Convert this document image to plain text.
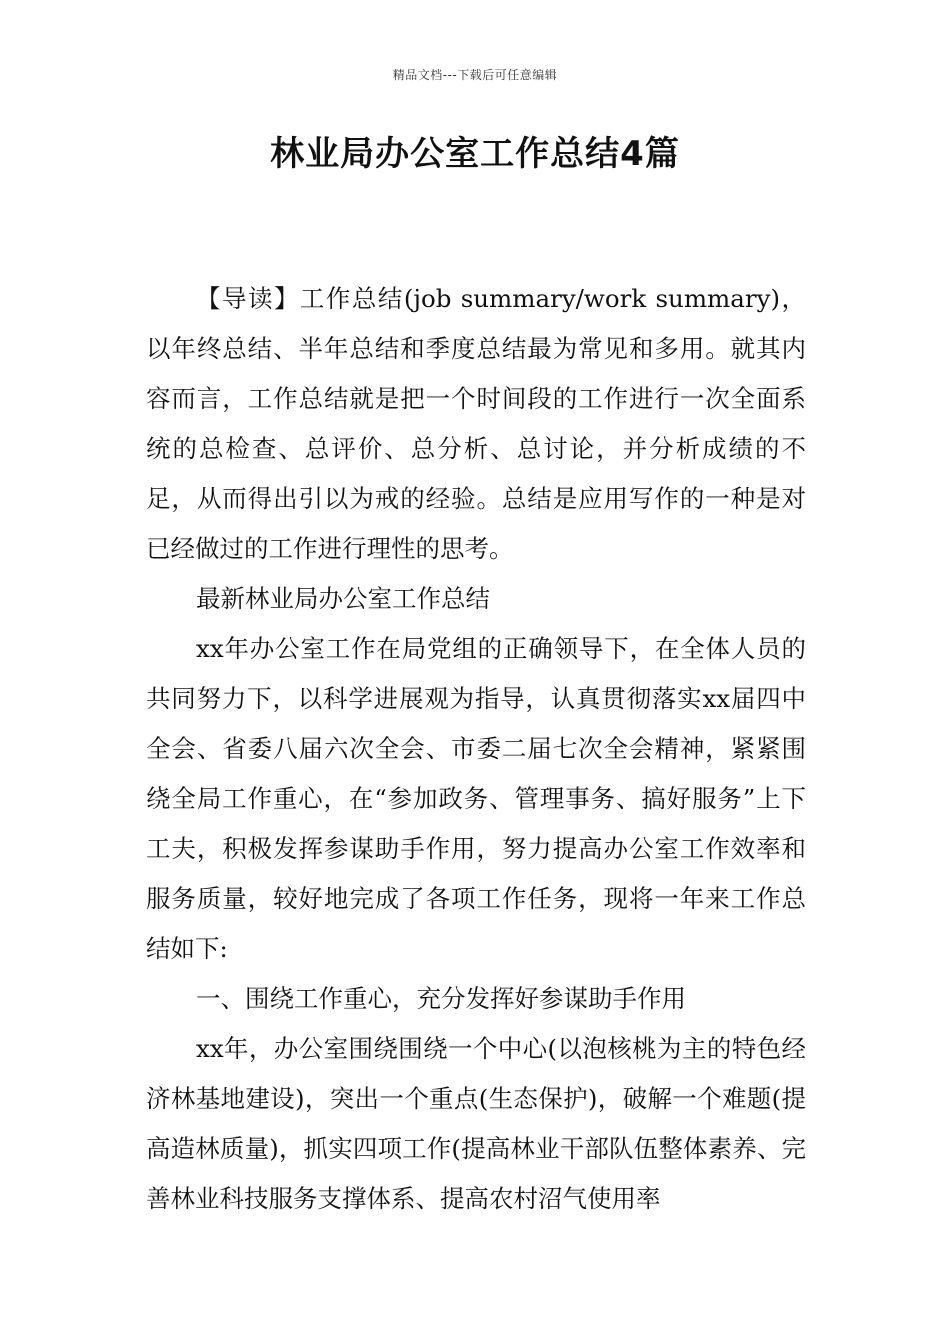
精品文档---下载后可任意编辑
林业局办公室工作总结4篇

【导读】工作总结(job summary/work summary)，以年终总结、半年总结和季度总结最为常见和多用。就其内容而言，工作总结就是把一个时间段的工作进行一次全面系统的总检查、总评价、总分析、总讨论，并分析成绩的不足，从而得出引以为戒的经验。总结是应用写作的一种是对已经做过的工作进行理性的思考。

最新林业局办公室工作总结

xx年办公室工作在局党组的正确领导下，在全体人员的共同努力下，以科学进展观为指导，认真贯彻落实xx届四中全会、省委八届六次全会、市委二届七次全会精神，紧紧围绕全局工作重心，在“参加政务、管理事务、搞好服务”上下工夫，积极发挥参谋助手作用，努力提高办公室工作效率和服务质量，较好地完成了各项工作任务，现将一年来工作总结如下:

一、围绕工作重心，充分发挥好参谋助手作用

xx年，办公室围绕围绕一个中心(以泡核桃为主的特色经济林基地建设)，突出一个重点(生态保护)，破解一个难题(提高造林质量)，抓实四项工作(提高林业干部队伍整体素养、完善林业科技服务支撑体系、提高农村沼气使用率
